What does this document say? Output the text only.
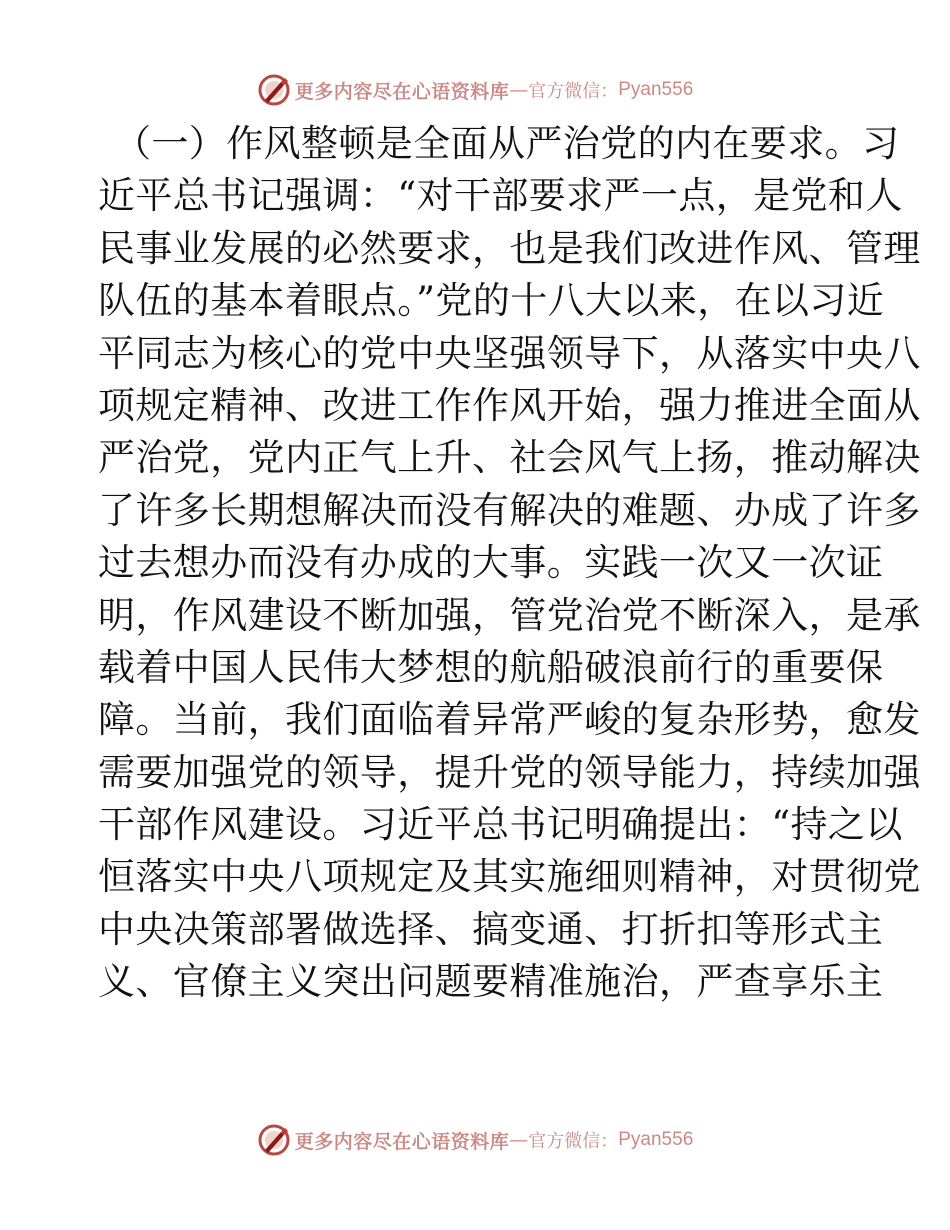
更多内容尽在心语资料库 — 官方微信： Pyan556
（一）作风整顿是全面从严治党的内在要求。习
近平总书记强调：“对干部要求严一点，是党和人
民事业发展的必然要求，也是我们改进作风、管理
队伍的基本着眼点。”党的十八大以来，在以习近
平同志为核心的党中央坚强领导下，从落实中央八
项规定精神、改进工作作风开始，强力推进全面从
严治党，党内正气上升、社会风气上扬，推动解决
了许多长期想解决而没有解决的难题、办成了许多
过去想办而没有办成的大事。实践一次又一次证
明，作风建设不断加强，管党治党不断深入，是承
载着中国人民伟大梦想的航船破浪前行的重要保
障。当前，我们面临着异常严峻的复杂形势，愈发
需要加强党的领导，提升党的领导能力，持续加强
干部作风建设。习近平总书记明确提出：“持之以
恒落实中央八项规定及其实施细则精神，对贯彻党
中央决策部署做选择、搞变通、打折扣等形式主
义、官僚主义突出问题要精准施治，严查享乐主
更多内容尽在心语资料库 — 官方微信： Pyan556
